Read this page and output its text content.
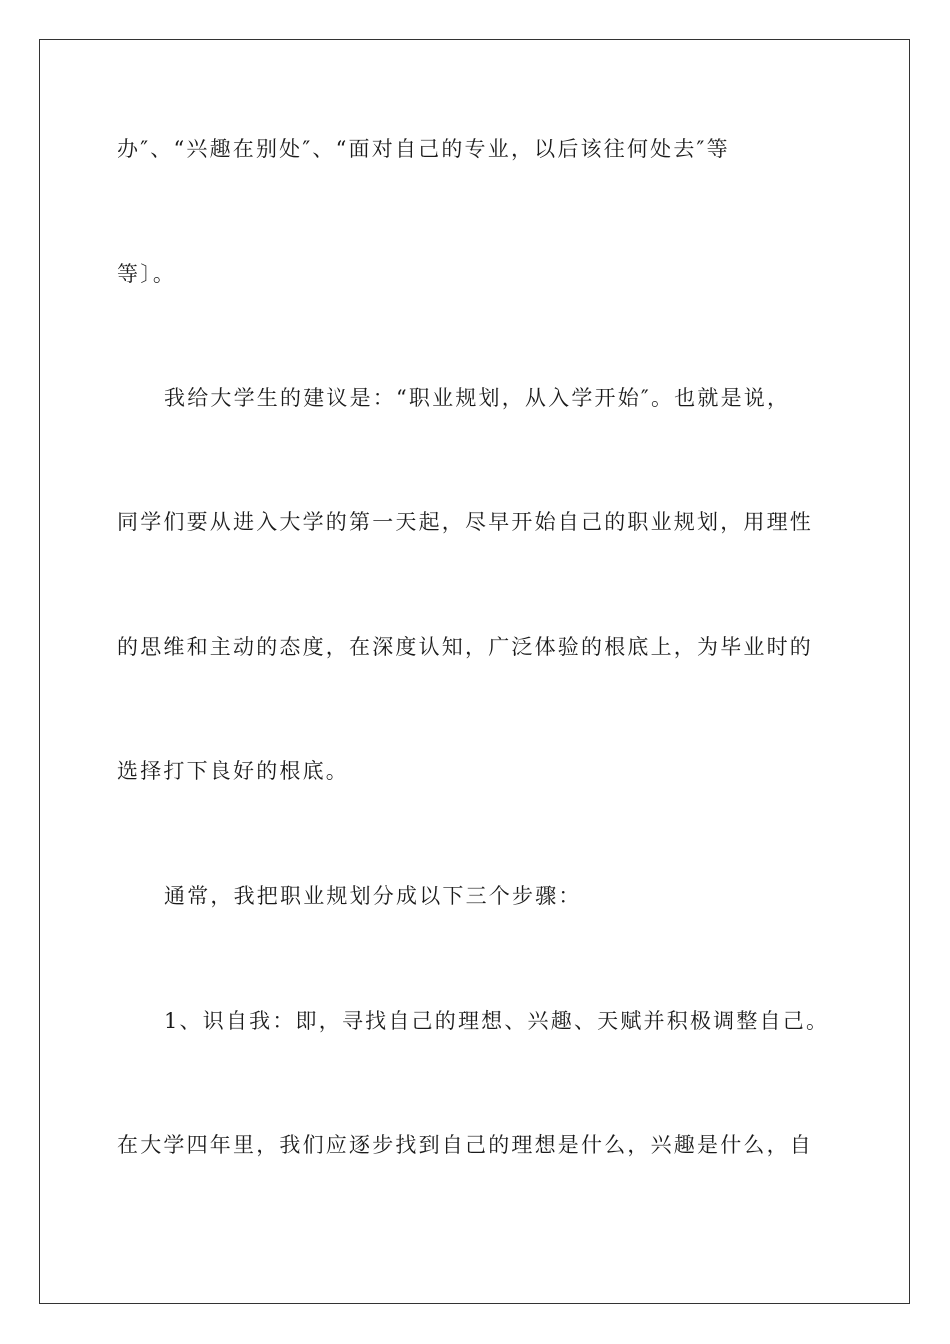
办″、“兴趣在别处″、“面对自己的专业，以后该往何处去″等
等〕。
我给大学生的建议是：“职业规划，从入学开始″。也就是说，
同学们要从进入大学的第一天起，尽早开始自己的职业规划，用理性
的思维和主动的态度，在深度认知，广泛体验的根底上，为毕业时的
选择打下良好的根底。
通常，我把职业规划分成以下三个步骤：
1、识自我：即，寻找自己的理想、兴趣、天赋并积极调整自己。
在大学四年里，我们应逐步找到自己的理想是什么，兴趣是什么，自
